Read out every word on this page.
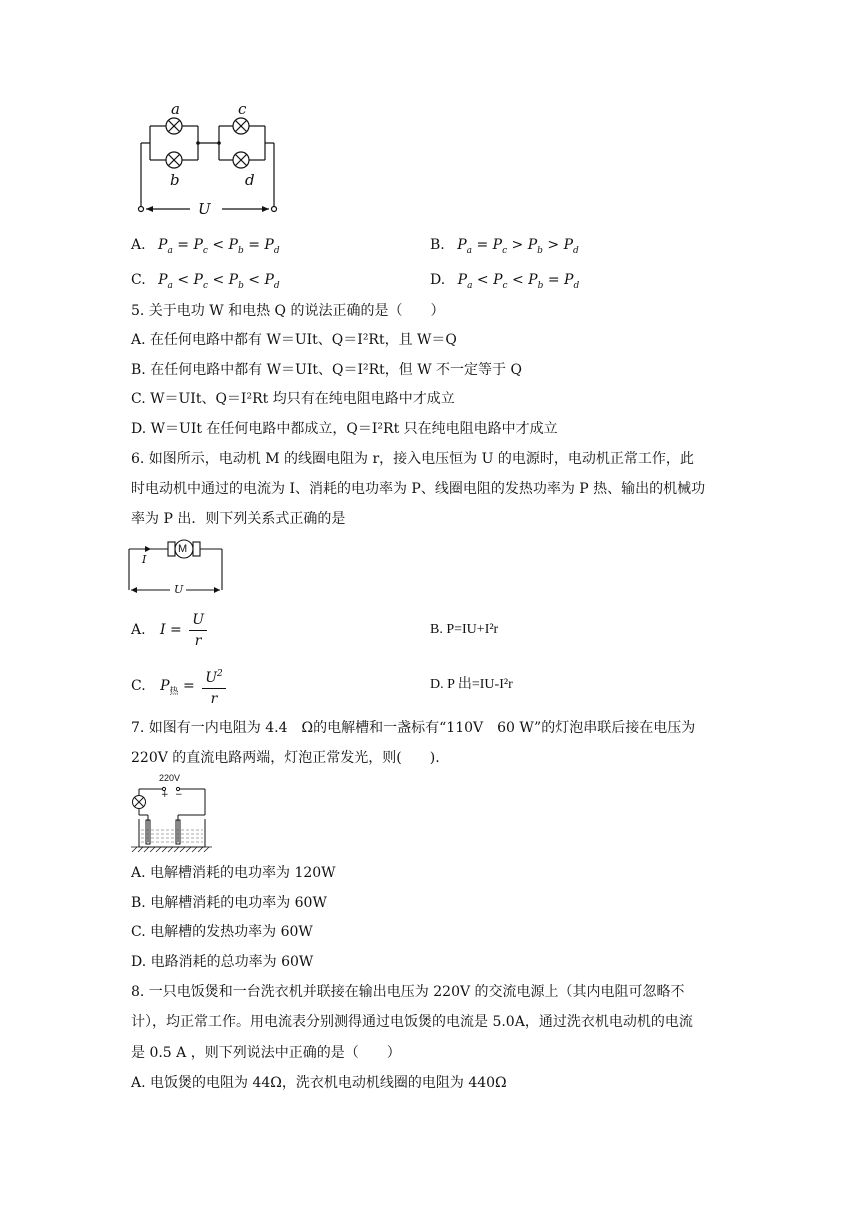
a
b
c
d
U
A. $P_a = P_c < P_b = P_d$	B. $P_a = P_c > P_b > P_d$
C. $P_a < P_c < P_b < P_d$	D. $P_a < P_c < P_b = P_d$
5. 关于电功 W 和电热 Q 的说法正确的是（　　）
A. 在任何电路中都有 W＝UIt、Q＝I²Rt，且 W＝Q
B. 在任何电路中都有 W＝UIt、Q＝I²Rt，但 W 不一定等于 Q
C. W＝UIt、Q＝I²Rt 均只有在纯电阻电路中才成立
D. W＝UIt 在任何电路中都成立，Q＝I²Rt 只在纯电阻电路中才成立
6. 如图所示，电动机 M 的线圈电阻为 r，接入电压恒为 U 的电源时，电动机正常工作，此
时电动机中通过的电流为 I、消耗的电功率为 P、线圈电阻的发热功率为 P 热、输出的机械功
率为 P 出．则下列关系式正确的是
M
I
U
A. $I = \frac{U}{r}$	B. P=IU+I²r
C. $P_热 = \frac{U^2}{r}$	D. P 出=IU-I²r
7. 如图有一内电阻为 4.4　Ω的电解槽和一盏标有“110V　60 W”的灯泡串联后接在电压为
220V 的直流电路两端，灯泡正常发光，则(　　).
220V
+ −
A. 电解槽消耗的电功率为 120W
B. 电解槽消耗的电功率为 60W
C. 电解槽的发热功率为 60W
D. 电路消耗的总功率为 60W
8. 一只电饭煲和一台洗衣机并联接在输出电压为 220V 的交流电源上（其内电阻可忽略不
计），均正常工作。用电流表分别测得通过电饭煲的电流是 5.0A，通过洗衣机电动机的电流
是 0.5 A ，则下列说法中正确的是（　　）
A. 电饭煲的电阻为 44Ω，洗衣机电动机线圈的电阻为 440Ω
